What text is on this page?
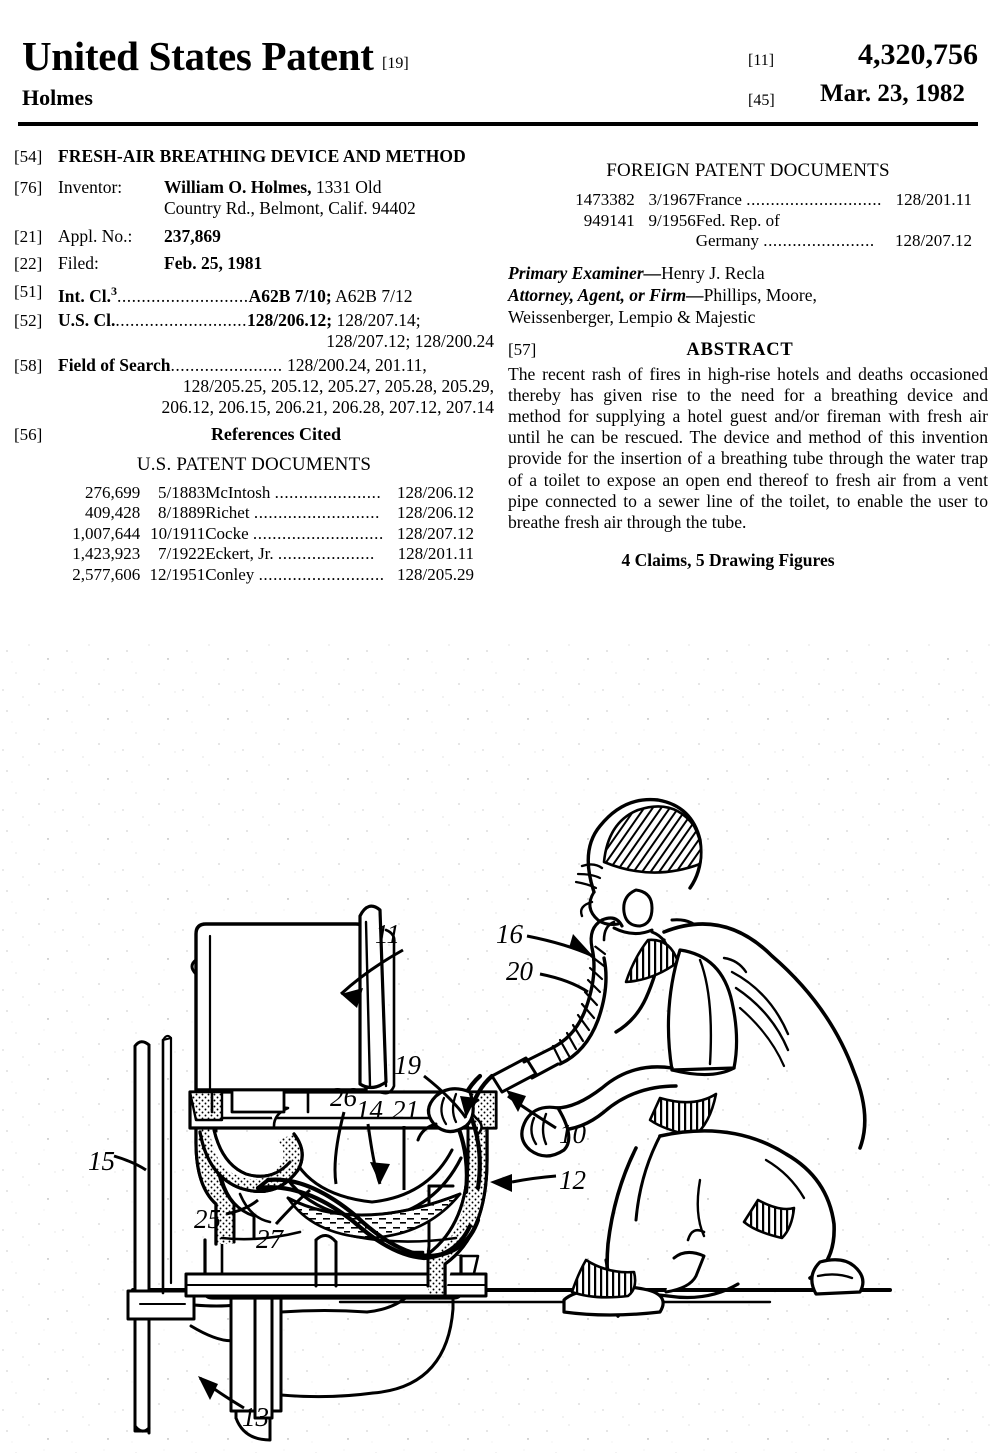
United States Patent [19]
Holmes
[11]	4,320,756
[45] Mar. 23, 1982
[54] FRESH-AIR BREATHING DEVICE AND METHOD
[76] Inventor:	William O. Holmes, 1331 Old
Country Rd., Belmont, Calif. 94402
[21] Appl. No.:	237,869
[22] Filed:	Feb. 25, 1981
[51] Int. Cl.$^3$...........................A62B 7/10; A62B 7/12
[52] U.S. Cl............................128/206.12; 128/207.14;
128/207.12; 128/200.24
[58] Field of Search....................... 128/200.24, 201.11,
128/205.25, 205.12, 205.27, 205.28, 205.29,
206.12, 206.15, 206.21, 206.28, 207.12, 207.14
[56]	References Cited
U.S. PATENT DOCUMENTS
276,699	5/1883	McIntosh ......................	128/206.12
409,428	8/1889	Richet ..........................	128/206.12
1,007,644	10/1911	Cocke ...........................	128/207.12
1,423,923	7/1922	Eckert, Jr. ....................	128/201.11
2,577,606	12/1951	Conley ..........................	128/205.29
FOREIGN PATENT DOCUMENTS
1473382	3/1967	France ............................	128/201.11
949141	9/1956	Fed. Rep. of	
		Germany .......................	128/207.12
Primary Examiner—Henry J. Recla
Attorney, Agent, or Firm—Phillips, Moore,
Weissenberger, Lempio & Majestic
[57]	ABSTRACT
The recent rash of fires in high-rise hotels and deaths occasioned thereby has given rise to the need for a breathing device and method for supplying a hotel guest and/or fireman with fresh air until he can be rescued. The device and method of this invention provide for the insertion of a breathing tube through the water trap of a toilet to expose an open end thereof to fresh air from a vent pipe connected to a sewer line of the toilet, to enable the user to breathe fresh air through the tube.
4 Claims, 5 Drawing Figures
11	16
20
19
26 14 21
10
12
15
25
27
13
